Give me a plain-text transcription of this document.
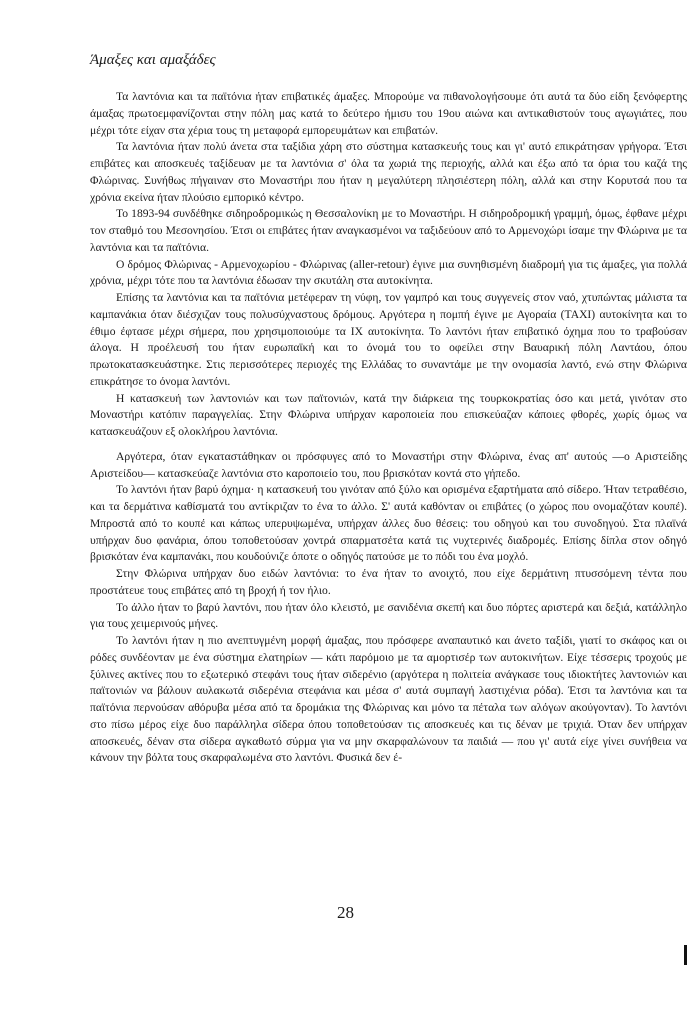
Άμαξες και αμαξάδες

Τα λαντόνια και τα παϊτόνια ήταν επιβατικές άμαξες. Μπορούμε να πιθανολογήσουμε ότι αυτά τα δύο είδη ξενόφερτης άμαξας πρωτοεμφανίζονται στην πόλη μας κατά το δεύτερο ήμισυ του 19ου αιώνα και αντικαθιστούν τους αγωγιάτες, που μέχρι τότε είχαν στα χέρια τους τη μεταφορά εμπορευμάτων και επιβατών.

Τα λαντόνια ήταν πολύ άνετα στα ταξίδια χάρη στο σύστημα κατασκευής τους και γι' αυτό επικράτησαν γρήγορα. Έτσι επιβάτες και αποσκευές ταξίδευαν με τα λαντόνια σ' όλα τα χωριά της περιοχής, αλλά και έξω από τα όρια του καζά της Φλώρινας. Συνήθως πήγαιναν στο Μοναστήρι που ήταν η μεγαλύτερη πλησιέστερη πόλη, αλλά και στην Κορυτσά που τα χρόνια εκείνα ήταν πλούσιο εμπορικό κέντρο.

Το 1893-94 συνδέθηκε σιδηροδρομικώς η Θεσσαλονίκη με το Μοναστήρι. Η σιδηροδρομική γραμμή, όμως, έφθανε μέχρι τον σταθμό του Μεσονησίου. Έτσι οι επιβάτες ήταν αναγκασμένοι να ταξιδεύουν από το Αρμενοχώρι ίσαμε την Φλώρινα με τα λαντόνια και τα παϊτόνια.

Ο δρόμος Φλώρινας - Αρμενοχωρίου - Φλώρινας (aller-retour) έγινε μια συνηθισμένη διαδρομή για τις άμαξες, για πολλά χρόνια, μέχρι τότε που τα λαντόνια έδωσαν την σκυτάλη στα αυτοκίνητα.

Επίσης τα λαντόνια και τα παϊτόνια μετέφεραν τη νύφη, τον γαμπρό και τους συγγενείς στον ναό, χτυπώντας μάλιστα τα καμπανάκια όταν διέσχιζαν τους πολυσύχναστους δρόμους. Αργότερα η πομπή έγινε με Αγοραία (TAXI) αυτοκίνητα και το έθιμο έφτασε μέχρι σήμερα, που χρησιμοποιούμε τα IX αυτοκίνητα. Το λαντόνι ήταν επιβατικό όχημα που το τραβούσαν άλογα. Η προέλευσή του ήταν ευρωπαϊκή και το όνομά του το οφείλει στην Βαυαρική πόλη Λαντάου, όπου πρωτοκατασκευάστηκε. Στις περισσότερες περιοχές της Ελλάδας το συναντάμε με την ονομασία λαντό, ενώ στην Φλώρινα επικράτησε το όνομα λαντόνι.

Η κατασκευή των λαντονιών και των παϊτονιών, κατά την διάρκεια της τουρκοκρατίας όσο και μετά, γινόταν στο Μοναστήρι κατόπιν παραγγελίας. Στην Φλώρινα υπήρχαν καροποιεία που επισκεύαζαν κάποιες φθορές, χωρίς όμως να κατασκευάζουν εξ ολοκλήρου λαντόνια.

Αργότερα, όταν εγκαταστάθηκαν οι πρόσφυγες από το Μοναστήρι στην Φλώρινα, ένας απ' αυτούς —ο Αριστείδης Αριστείδου— κατασκεύαζε λαντόνια στο καροποιείο του, που βρισκόταν κοντά στο γήπεδο.

Το λαντόνι ήταν βαρύ όχημα· η κατασκευή του γινόταν από ξύλο και ορισμένα εξαρτήματα από σίδερο. Ήταν τετραθέσιο, και τα δερμάτινα καθίσματά του αντίκριζαν το ένα το άλλο. Σ' αυτά καθόνταν οι επιβάτες (ο χώρος που ονομαζόταν κουπέ). Μπροστά από το κουπέ και κάπως υπερυψωμένα, υπήρχαν άλλες δυο θέσεις: του οδηγού και του συνοδηγού. Στα πλαϊνά υπήρχαν δυο φανάρια, όπου τοποθετούσαν χοντρά σπαρματσέτα κατά τις νυχτερινές διαδρομές. Επίσης δίπλα στον οδηγό βρισκόταν ένα καμπανάκι, που κουδούνιζε όποτε ο οδηγός πατούσε με το πόδι του ένα μοχλό.

Στην Φλώρινα υπήρχαν δυο ειδών λαντόνια: το ένα ήταν το ανοιχτό, που είχε δερμάτινη πτυσσόμενη τέντα που προστάτευε τους επιβάτες από τη βροχή ή τον ήλιο.

Το άλλο ήταν το βαρύ λαντόνι, που ήταν όλο κλειστό, με σανιδένια σκεπή και δυο πόρτες αριστερά και δεξιά, κατάλληλο για τους χειμερινούς μήνες.

Το λαντόνι ήταν η πιο ανεπτυγμένη μορφή άμαξας, που πρόσφερε αναπαυτικό και άνετο ταξίδι, γιατί το σκάφος και οι ρόδες συνδέονταν με ένα σύστημα ελατηρίων — κάτι παρόμοιο με τα αμορτισέρ των αυτοκινήτων. Είχε τέσσερις τροχούς με ξύλινες ακτίνες που το εξωτερικό στεφάνι τους ήταν σιδερένιο (αργότερα η πολιτεία ανάγκασε τους ιδιοκτήτες λαντονιών και παϊτονιών να βάλουν αυλακωτά σιδερένια στεφάνια και μέσα σ' αυτά συμπαγή λαστιχένια ρόδα). Έτσι τα λαντόνια και τα παϊτόνια περνούσαν αθόρυβα μέσα από τα δρομάκια της Φλώρινας και μόνο τα πέταλα των αλόγων ακούγονταν). Το λαντόνι στο πίσω μέρος είχε δυο παράλληλα σίδερα όπου τοποθετούσαν τις αποσκευές και τις δέναν με τριχιά. Όταν δεν υπήρχαν αποσκευές, δέναν στα σίδερα αγκαθωτό σύρμα για να μην σκαρφαλώνουν τα παιδιά — που γι' αυτά είχε γίνει συνήθεια να κάνουν την βόλτα τους σκαρφαλωμένα στο λαντόνι. Φυσικά δεν έ-

28
